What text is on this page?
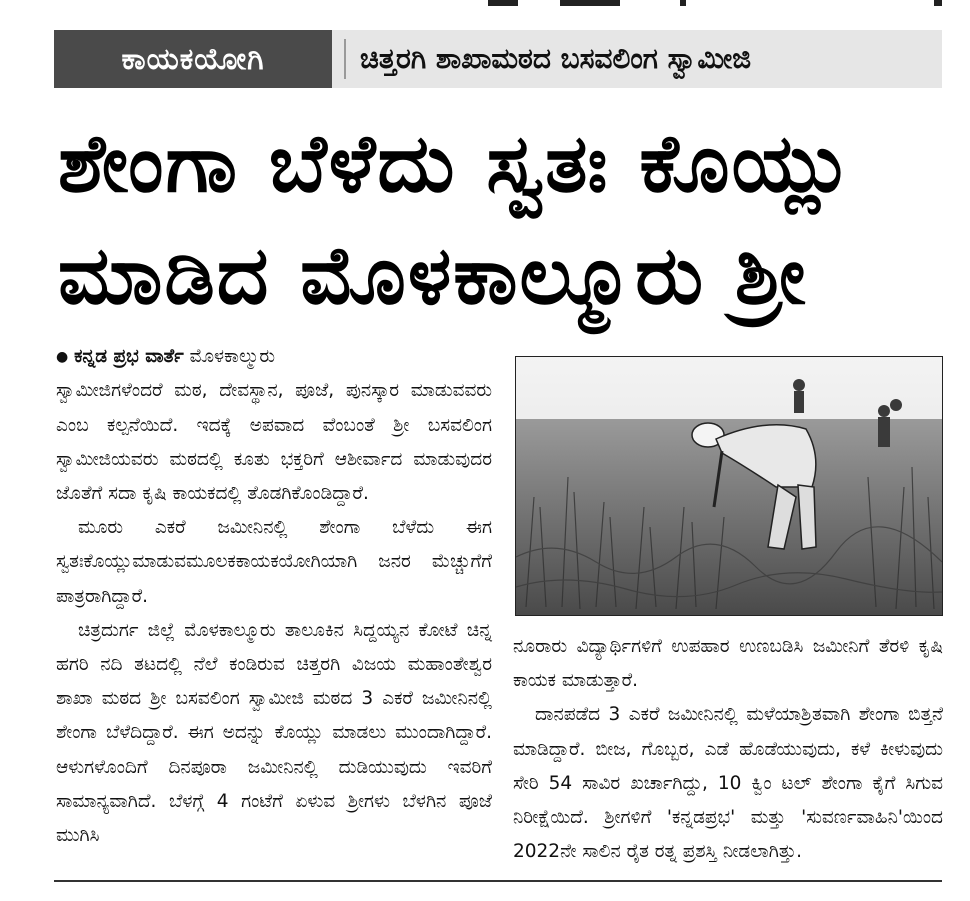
ಕಾಯಕಯೋಗಿ	ಚಿತ್ತರಗಿ ಶಾಖಾಮಠದ ಬಸವಲಿಂಗ ಸ್ವಾಮೀಜಿ
ಶೇಂಗಾ ಬೆಳೆದು ಸ್ವತಃ ಕೊಯ್ಲು
ಮಾಡಿದ ಮೊಳಕಾಲ್ಮೂರು ಶ್ರೀ

● ಕನ್ನಡ ಪ್ರಭ ವಾರ್ತೆ ಮೊಳಕಾಲ್ಮುರು

ಸ್ವಾಮೀಜಿಗಳೆಂದರೆ ಮಠ, ದೇವಸ್ಥಾನ, ಪೂಜೆ, ಪುನಸ್ಕಾರ ಮಾಡುವವರು ಎಂಬ ಕಲ್ಪನೆಯಿದೆ. ಇದಕ್ಕೆ ಅಪವಾದ ವೆಂಬಂತೆ ಶ್ರೀ ಬಸವಲಿಂಗ ಸ್ವಾಮೀಜಿಯವರು ಮಠದಲ್ಲಿ ಕೂತು ಭಕ್ತರಿಗೆ ಆಶೀರ್ವಾದ ಮಾಡುವುದರ ಜೊತೆಗೆ ಸದಾ ಕೃಷಿ ಕಾಯಕದಲ್ಲಿ ತೊಡಗಿಕೊಂಡಿದ್ದಾರೆ.

ಮೂರು ಎಕರೆ ಜಮೀನಿನಲ್ಲಿ ಶೇಂಗಾ ಬೆಳೆದು ಈಗ ಸ್ವತಃಕೊಯ್ಲುಮಾಡುವಮೂಲಕಕಾಯಕಯೋಗಿಯಾಗಿ ಜನರ ಮೆಚ್ಚುಗೆಗೆ ಪಾತ್ರರಾಗಿದ್ದಾರೆ.

ಚಿತ್ರದುರ್ಗ ಜಿಲ್ಲೆ ಮೊಳಕಾಲ್ಮೂರು ತಾಲೂಕಿನ ಸಿದ್ದಯ್ಯನ ಕೋಟೆ ಚಿನ್ನ ಹಗರಿ ನದಿ ತಟದಲ್ಲಿ ನೆಲೆ ಕಂಡಿರುವ ಚಿತ್ತರಗಿ ವಿಜಯ ಮಹಾಂತೇಶ್ವರ ಶಾಖಾ ಮಠದ ಶ್ರೀ ಬಸವಲಿಂಗ ಸ್ವಾಮೀಜಿ ಮಠದ 3 ಎಕರೆ ಜಮೀನಿನಲ್ಲಿ ಶೇಂಗಾ ಬೆಳೆದಿದ್ದಾರೆ. ಈಗ ಅದನ್ನು ಕೊಯ್ಲು ಮಾಡಲು ಮುಂದಾಗಿದ್ದಾರೆ. ಆಳುಗಳೊಂದಿಗೆ ದಿನಪೂರಾ ಜಮೀನಿನಲ್ಲಿ ದುಡಿಯುವುದು ಇವರಿಗೆ ಸಾಮಾನ್ಯವಾಗಿದೆ. ಬೆಳಗ್ಗೆ 4 ಗಂಟೆಗೆ ಏಳುವ ಶ್ರೀಗಳು ಬೆಳಗಿನ ಪೂಜೆ ಮುಗಿಸಿ

ನೂರಾರು ವಿದ್ಯಾರ್ಥಿಗಳಿಗೆ ಉಪಹಾರ ಉಣಬಡಿಸಿ ಜಮೀನಿಗೆ ತೆರಳಿ ಕೃಷಿ ಕಾಯಕ ಮಾಡುತ್ತಾರೆ.

ದಾನಪಡೆದ 3 ಎಕರೆ ಜಮೀನಿನಲ್ಲಿ ಮಳೆಯಾಶ್ರಿತವಾಗಿ ಶೇಂಗಾ ಬಿತ್ತನೆ ಮಾಡಿದ್ದಾರೆ. ಬೀಜ, ಗೊಬ್ಬರ, ಎಡೆ ಹೊಡೆಯುವುದು, ಕಳೆ ಕೀಳುವುದು ಸೇರಿ 54 ಸಾವಿರ ಖರ್ಚಾಗಿದ್ದು, 10 ಕ್ವಿಂ ಟಲ್ ಶೇಂಗಾ ಕೈಗೆ ಸಿಗುವ ನಿರೀಕ್ಷೆಯಿದೆ. ಶ್ರೀಗಳಿಗೆ 'ಕನ್ನಡಪ್ರಭ' ಮತ್ತು 'ಸುವರ್ಣವಾಹಿನಿ'ಯಿಂದ 2022ನೇ ಸಾಲಿನ ರೈತ ರತ್ನ ಪ್ರಶಸ್ತಿ ನೀಡಲಾಗಿತ್ತು.
